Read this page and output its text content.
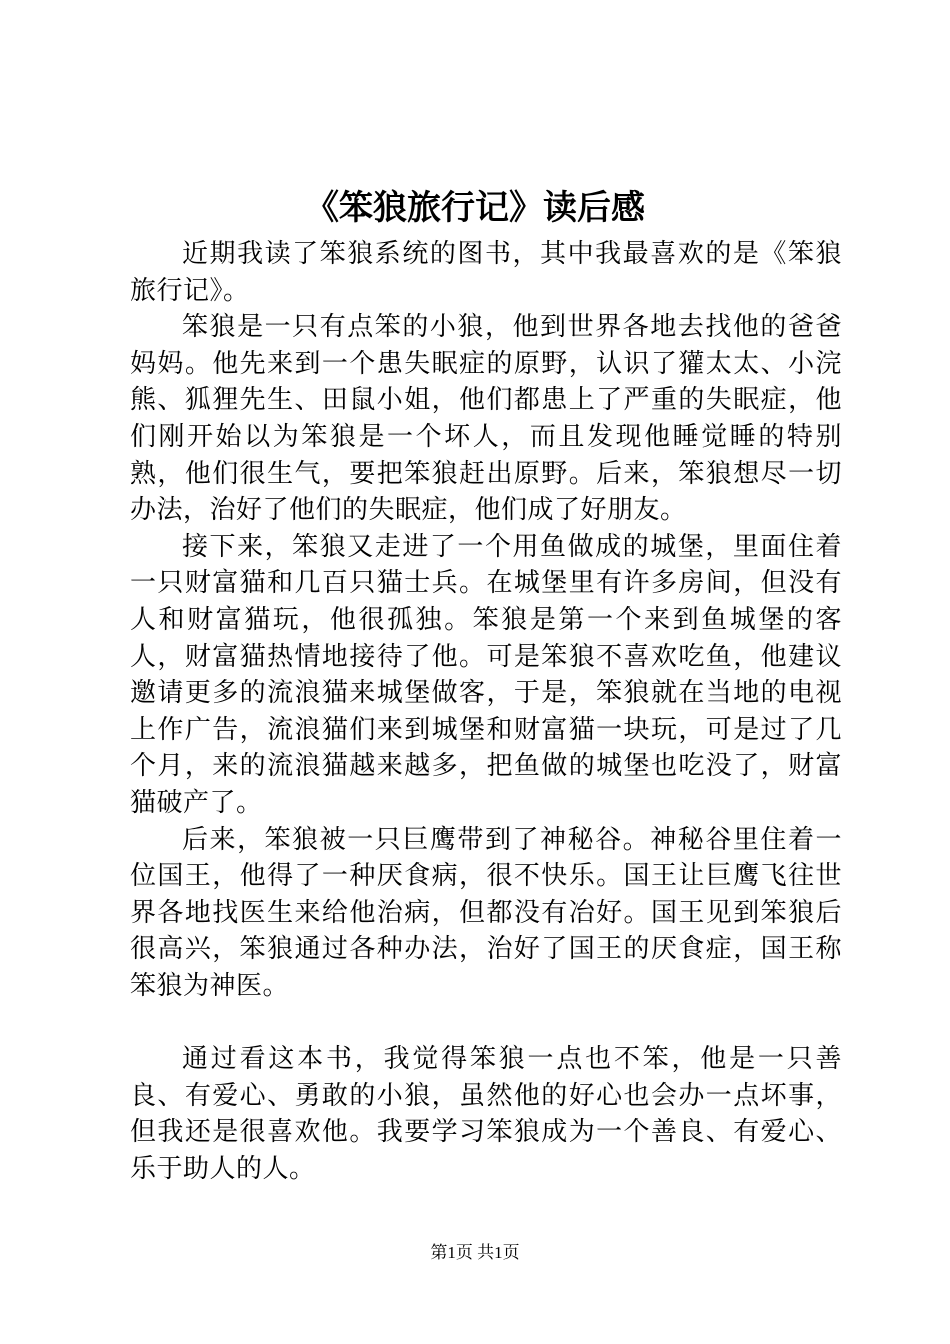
《笨狼旅行记》读后感

近期我读了笨狼系统的图书，其中我最喜欢的是《笨狼旅行记》。

笨狼是一只有点笨的小狼，他到世界各地去找他的爸爸妈妈。他先来到一个患失眠症的原野，认识了獾太太、小浣熊、狐狸先生、田鼠小姐，他们都患上了严重的失眠症，他们刚开始以为笨狼是一个坏人，而且发现他睡觉睡的特别熟，他们很生气，要把笨狼赶出原野。后来，笨狼想尽一切办法，治好了他们的失眠症，他们成了好朋友。

接下来，笨狼又走进了一个用鱼做成的城堡，里面住着一只财富猫和几百只猫士兵。在城堡里有许多房间，但没有人和财富猫玩，他很孤独。笨狼是第一个来到鱼城堡的客人，财富猫热情地接待了他。可是笨狼不喜欢吃鱼，他建议邀请更多的流浪猫来城堡做客，于是，笨狼就在当地的电视上作广告，流浪猫们来到城堡和财富猫一块玩，可是过了几个月，来的流浪猫越来越多，把鱼做的城堡也吃没了，财富猫破产了。

后来，笨狼被一只巨鹰带到了神秘谷。神秘谷里住着一位国王，他得了一种厌食病，很不快乐。国王让巨鹰飞往世界各地找医生来给他治病，但都没有冶好。国王见到笨狼后很高兴，笨狼通过各种办法，治好了国王的厌食症，国王称笨狼为神医。

通过看这本书，我觉得笨狼一点也不笨，他是一只善良、有爱心、勇敢的小狼，虽然他的好心也会办一点坏事，但我还是很喜欢他。我要学习笨狼成为一个善良、有爱心、乐于助人的人。

第1页 共1页
